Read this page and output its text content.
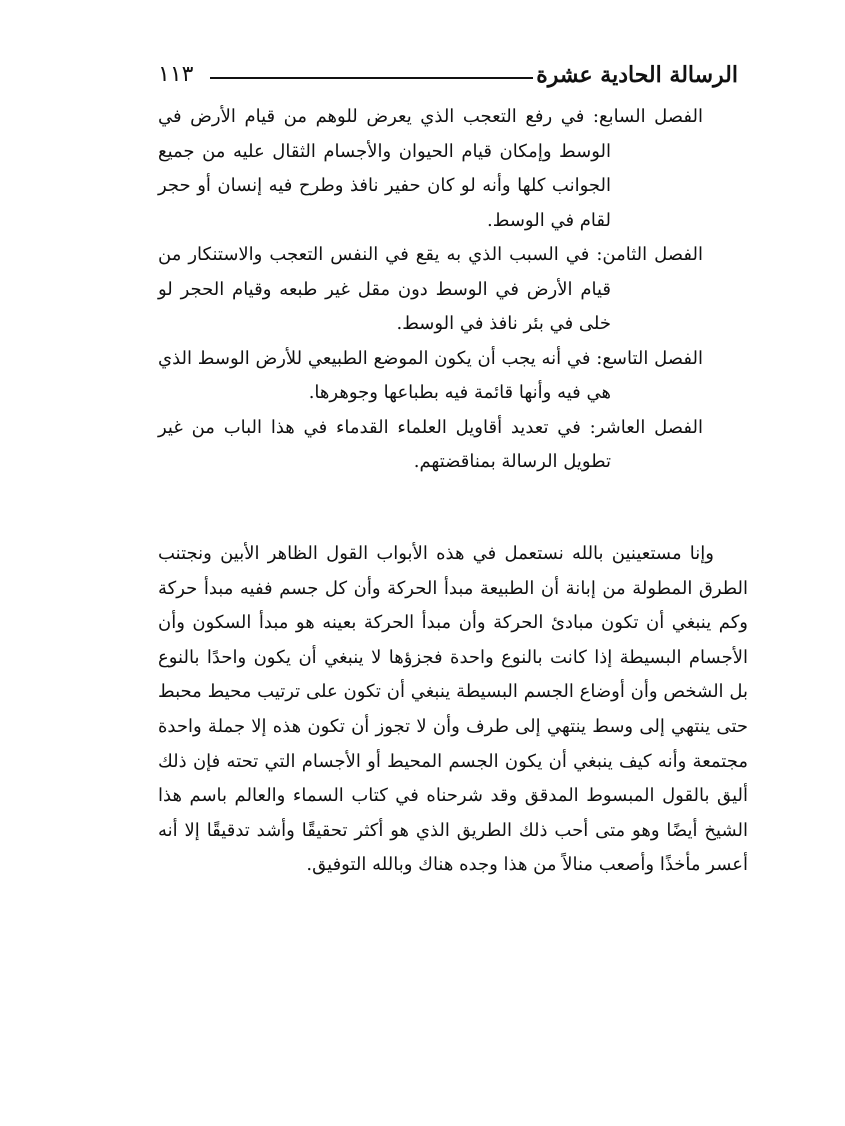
الرسالة الحادية عشرة
١١٣

الفصل السابع: في رفع التعجب الذي يعرض للوهم من قيام الأرض في الوسط وإمكان قيام الحيوان والأجسام الثقال عليه من جميع الجوانب كلها وأنه لو كان حفير نافذ وطرح فيه إنسان أو حجر لقام في الوسط.

الفصل الثامن: في السبب الذي به يقع في النفس التعجب والاستنكار من قيام الأرض في الوسط دون مقل غير طبعه وقيام الحجر لو خلى في بئر نافذ في الوسط.

الفصل التاسع: في أنه يجب أن يكون الموضع الطبيعي للأرض الوسط الذي هي فيه وأنها قائمة فيه بطباعها وجوهرها.

الفصل العاشر: في تعديد أقاويل العلماء القدماء في هذا الباب من غير تطويل الرسالة بمناقضتهم.

وإنا مستعينين بالله نستعمل في هذه الأبواب القول الظاهر الأبين ونجتنب الطرق المطولة من إبانة أن الطبيعة مبدأ الحركة وأن كل جسم ففيه مبدأ حركة وكم ينبغي أن تكون مبادئ الحركة وأن مبدأ الحركة بعينه هو مبدأ السكون وأن الأجسام البسيطة إذا كانت بالنوع واحدة فجزؤها لا ينبغي أن يكون واحدًا بالنوع بل الشخص وأن أوضاع الجسم البسيطة ينبغي أن تكون على ترتيب محيط محبط حتى ينتهي إلى وسط ينتهي إلى طرف وأن لا تجوز أن تكون هذه إلا جملة واحدة مجتمعة وأنه كيف ينبغي أن يكون الجسم المحيط أو الأجسام التي تحته فإن ذلك أليق بالقول المبسوط المدقق وقد شرحناه في كتاب السماء والعالم باسم هذا الشيخ أيضًا وهو متى أحب ذلك الطريق الذي هو أكثر تحقيقًا وأشد تدقيقًا إلا أنه أعسر مأخذًا وأصعب منالاً من هذا وجده هناك وبالله التوفيق.
